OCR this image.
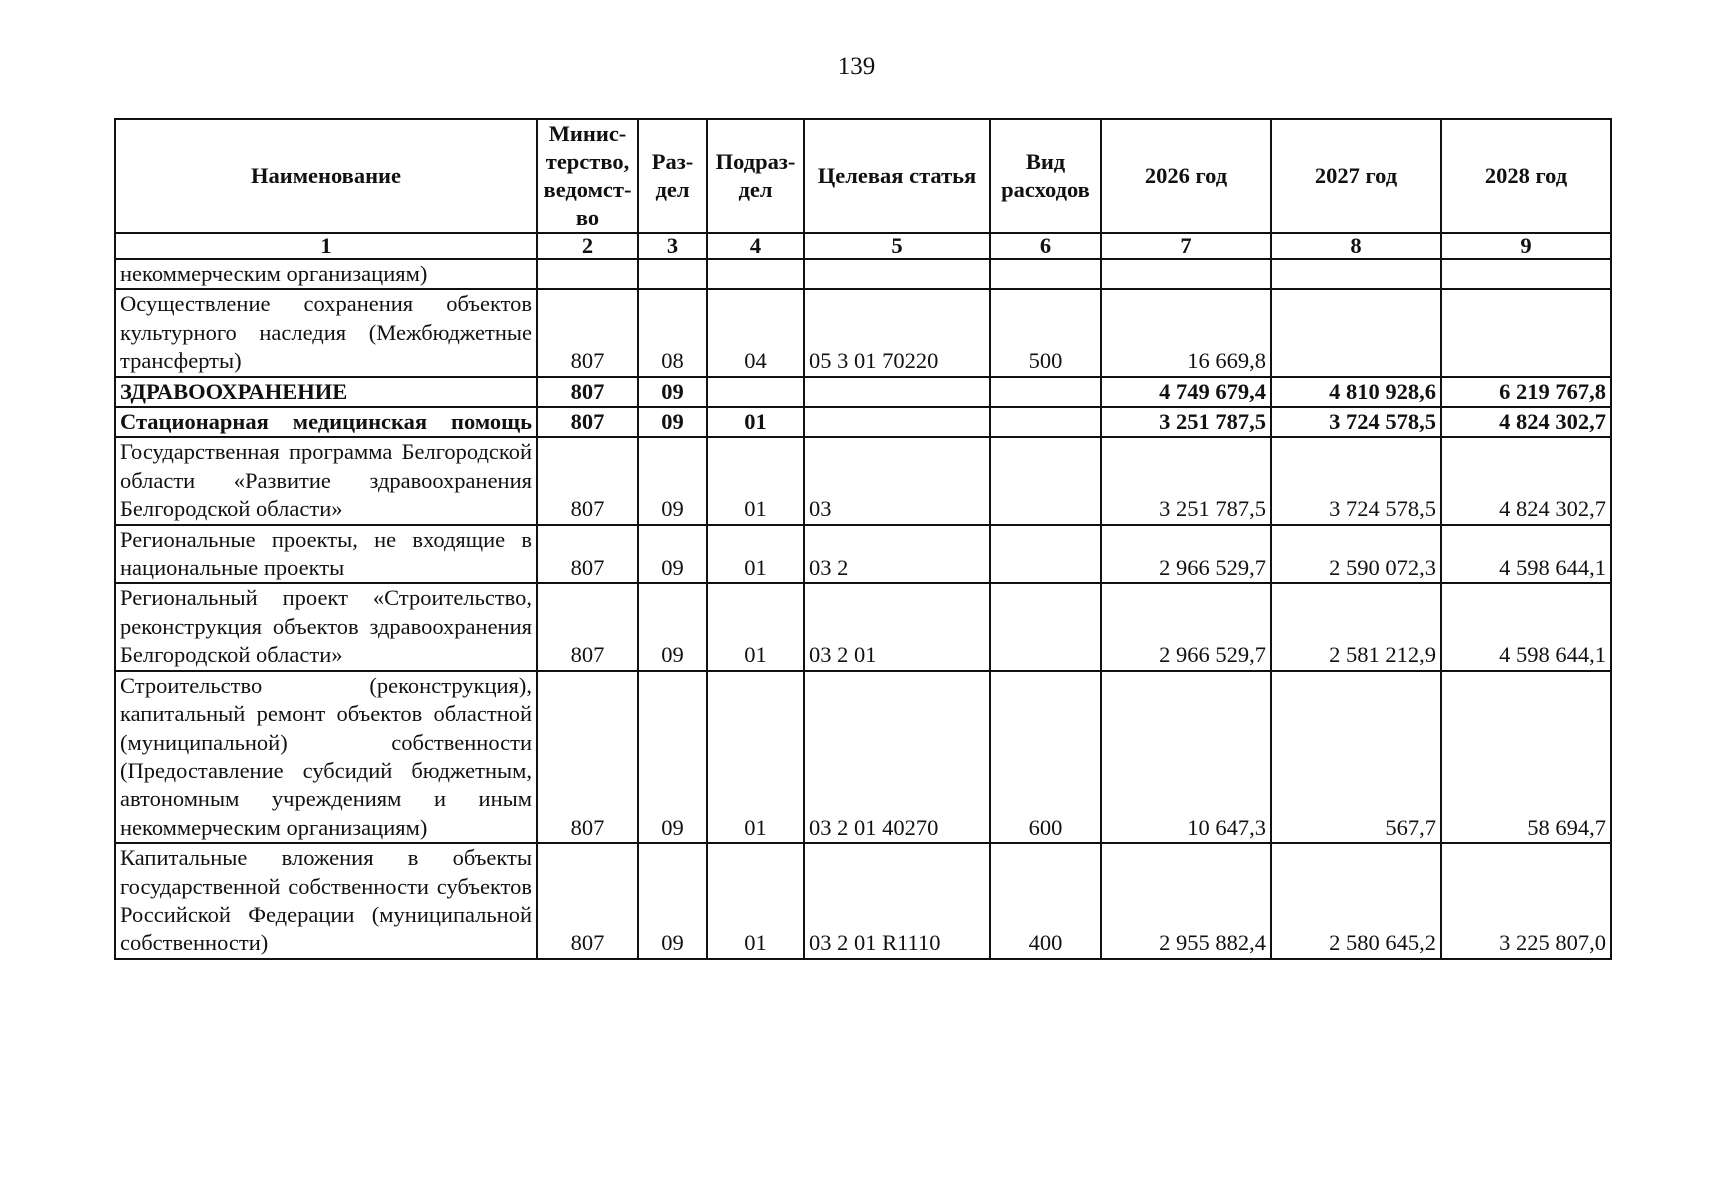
139
Наименование	Минис-терство, ведомст-во	Раз-дел	Подраз-дел	Целевая статья	Вид расходов	2026 год	2027 год	2028 год
1	2	3	4	5	6	7	8	9
некоммерческим организациям)								
Осуществление сохранения объектов культурного наследия (Межбюджетные трансферты)	807	08	04	05 3 01 70220	500	16 669,8		
ЗДРАВООХРАНЕНИЕ	807	09				4 749 679,4	4 810 928,6	6 219 767,8
Стационарная медицинская помощь	807	09	01			3 251 787,5	3 724 578,5	4 824 302,7
Государственная программа Белгородской области «Развитие здравоохранения Белгородской области»	807	09	01	03		3 251 787,5	3 724 578,5	4 824 302,7
Региональные проекты, не входящие в национальные проекты	807	09	01	03 2		2 966 529,7	2 590 072,3	4 598 644,1
Региональный проект «Строительство, реконструкция объектов здравоохранения Белгородской области»	807	09	01	03 2 01		2 966 529,7	2 581 212,9	4 598 644,1
Строительство (реконструкция), капитальный ремонт объектов областной (муниципальной) собственности (Предоставление субсидий бюджетным, автономным учреждениям и иным некоммерческим организациям)	807	09	01	03 2 01 40270	600	10 647,3	567,7	58 694,7
Капитальные вложения в объекты государственной собственности субъектов Российской Федерации (муниципальной собственности)	807	09	01	03 2 01 R1110	400	2 955 882,4	2 580 645,2	3 225 807,0
